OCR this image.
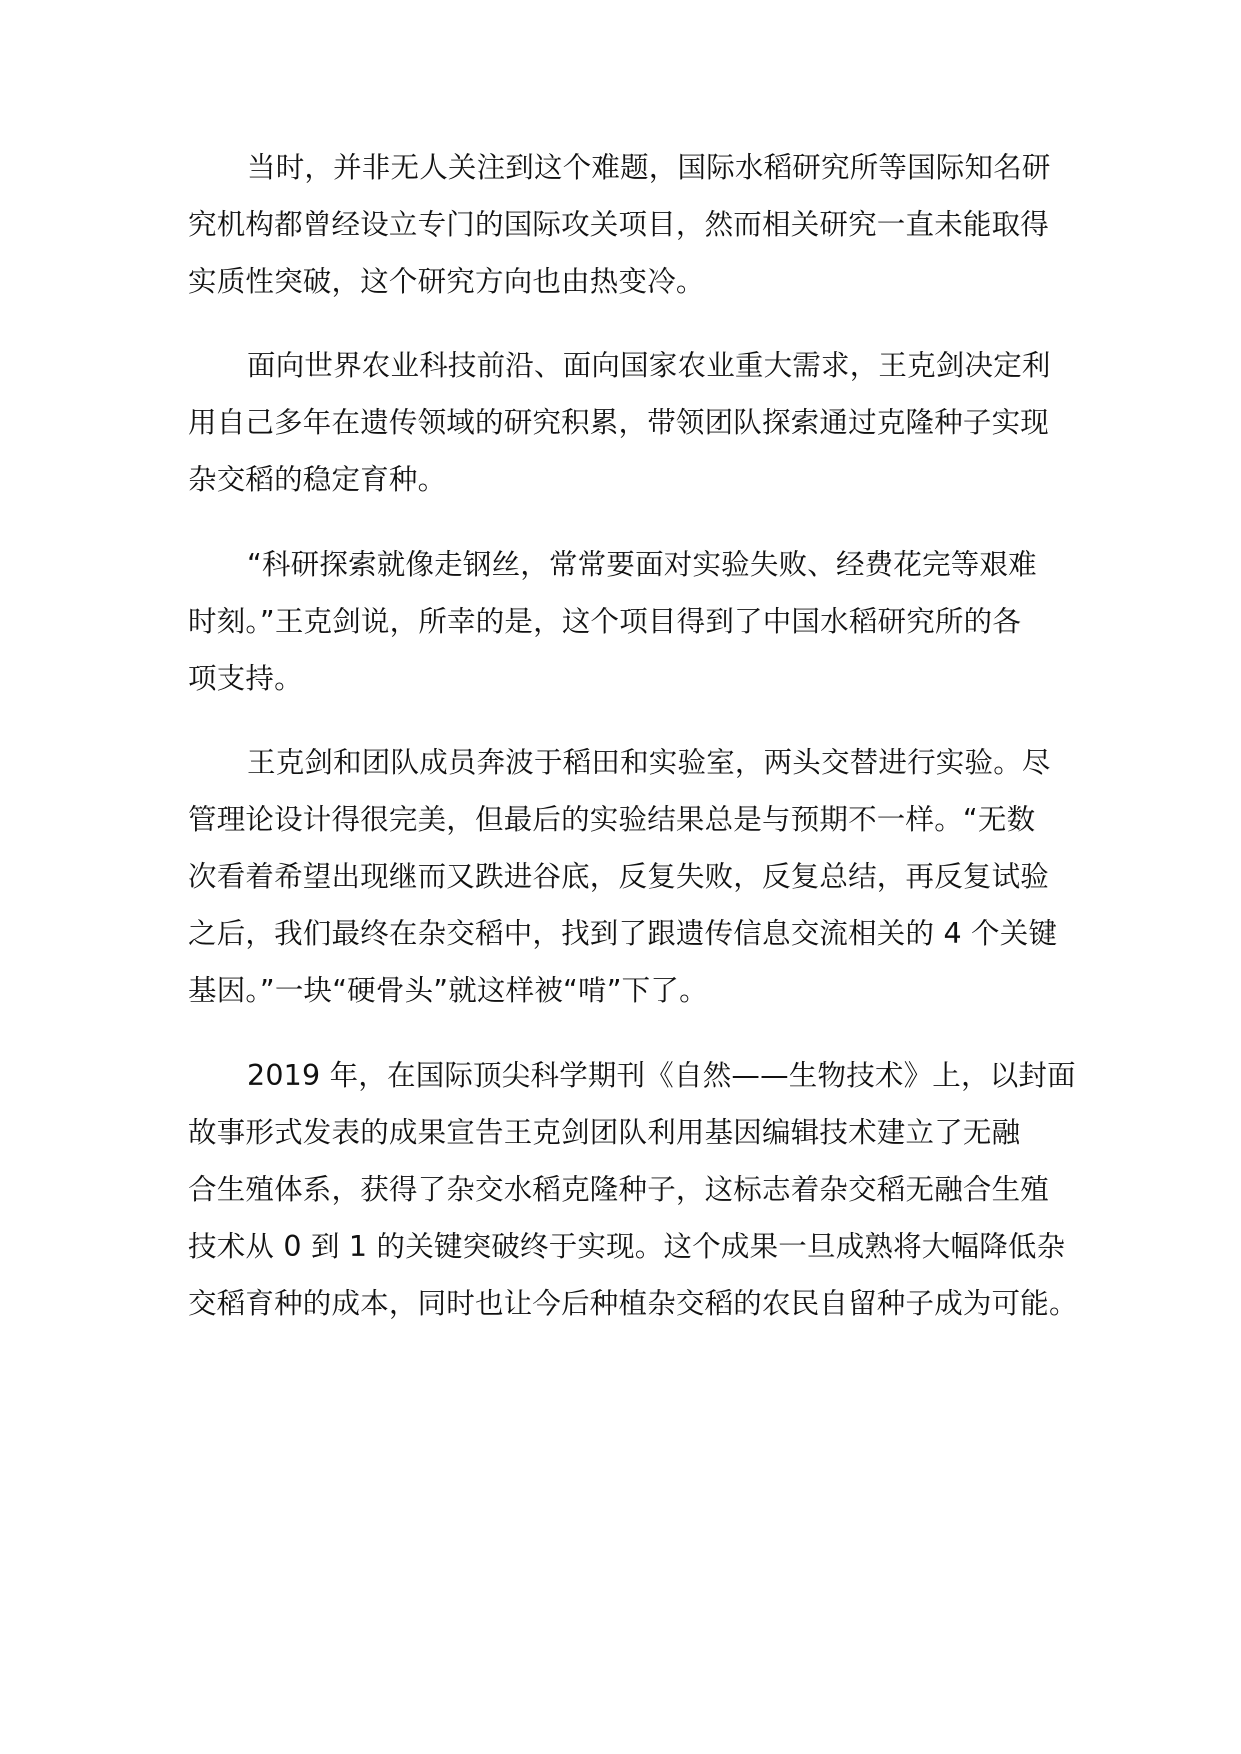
当时，并非无人关注到这个难题，国际水稻研究所等国际知名研
究机构都曾经设立专门的国际攻关项目，然而相关研究一直未能取得
实质性突破，这个研究方向也由热变冷。
面向世界农业科技前沿、面向国家农业重大需求，王克剑决定利
用自己多年在遗传领域的研究积累，带领团队探索通过克隆种子实现
杂交稻的稳定育种。
“科研探索就像走钢丝，常常要面对实验失败、经费花完等艰难
时刻。”王克剑说，所幸的是，这个项目得到了中国水稻研究所的各
项支持。
王克剑和团队成员奔波于稻田和实验室，两头交替进行实验。尽
管理论设计得很完美，但最后的实验结果总是与预期不一样。“无数
次看着希望出现继而又跌进谷底，反复失败，反复总结，再反复试验
之后，我们最终在杂交稻中，找到了跟遗传信息交流相关的 4 个关键
基因。”一块“硬骨头”就这样被“啃”下了。
2019 年，在国际顶尖科学期刊《自然——生物技术》上，以封面
故事形式发表的成果宣告王克剑团队利用基因编辑技术建立了无融
合生殖体系，获得了杂交水稻克隆种子，这标志着杂交稻无融合生殖
技术从 0 到 1 的关键突破终于实现。这个成果一旦成熟将大幅降低杂
交稻育种的成本，同时也让今后种植杂交稻的农民自留种子成为可能。
